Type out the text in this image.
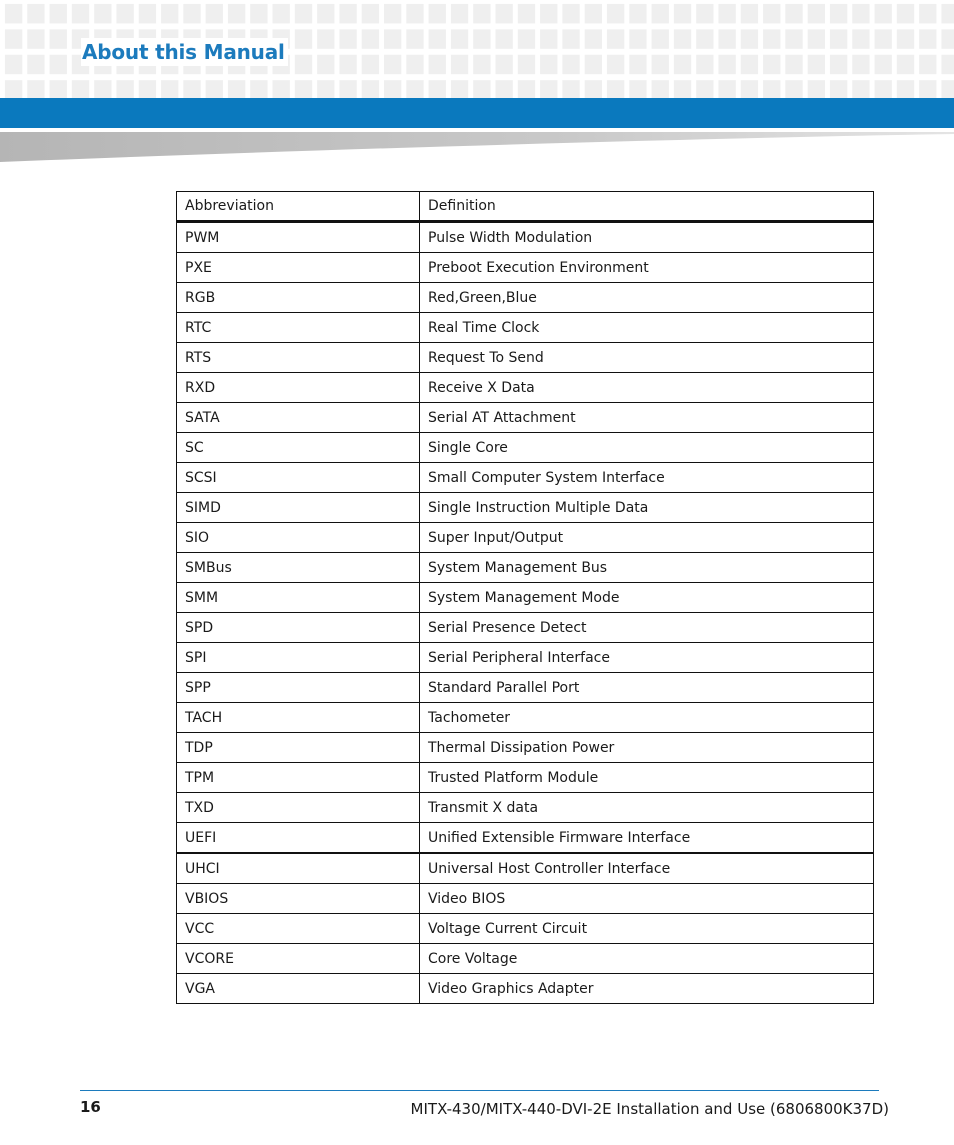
About this Manual
Abbreviation	Definition
PWM	Pulse Width Modulation
PXE	Preboot Execution Environment
RGB	Red,Green,Blue
RTC	Real Time Clock
RTS	Request To Send
RXD	Receive X Data
SATA	Serial AT Attachment
SC	Single Core
SCSI	Small Computer System Interface
SIMD	Single Instruction Multiple Data
SIO	Super Input/Output
SMBus	System Management Bus
SMM	System Management Mode
SPD	Serial Presence Detect
SPI	Serial Peripheral Interface
SPP	Standard Parallel Port
TACH	Tachometer
TDP	Thermal Dissipation Power
TPM	Trusted Platform Module
TXD	Transmit X data
UEFI	Unified Extensible Firmware Interface
UHCI	Universal Host Controller Interface
VBIOS	Video BIOS
VCC	Voltage Current Circuit
VCORE	Core Voltage
VGA	Video Graphics Adapter
16	MITX-430/MITX-440-DVI-2E Installation and Use (6806800K37D)
